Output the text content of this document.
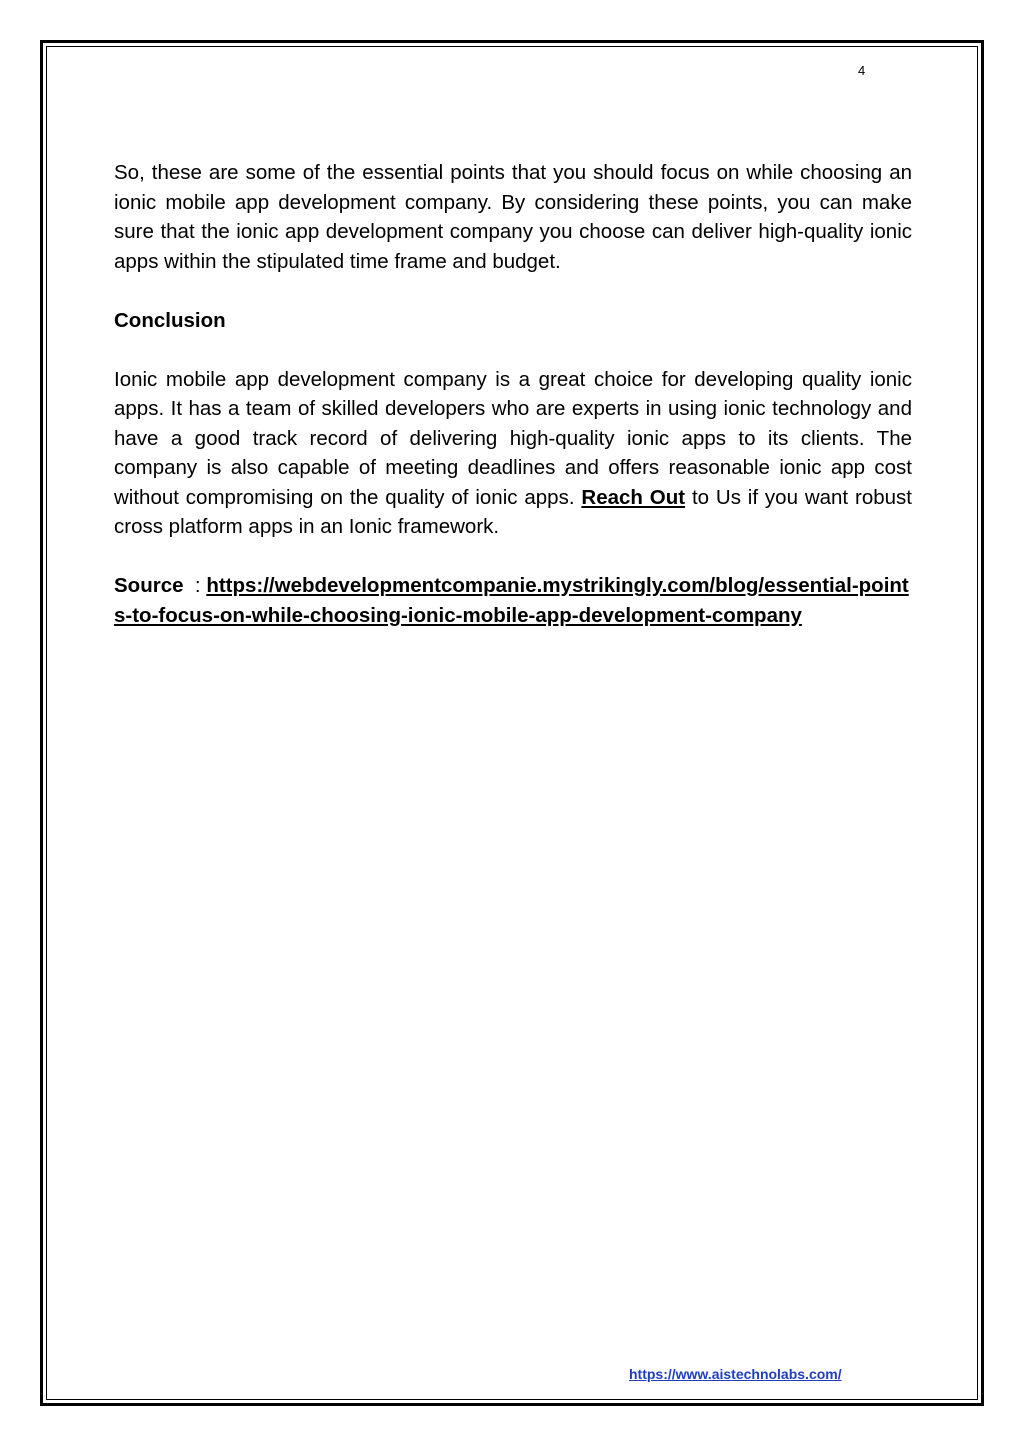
4

So, these are some of the essential points that you should focus on while choosing an ionic mobile app development company. By considering these points, you can make sure that the ionic app development company you choose can deliver high-quality ionic apps within the stipulated time frame and budget.

Conclusion

Ionic mobile app development company is a great choice for developing quality ionic apps. It has a team of skilled developers who are experts in using ionic technology and have a good track record of delivering high-quality ionic apps to its clients. The company is also capable of meeting deadlines and offers reasonable ionic app cost without compromising on the quality of ionic apps. Reach Out to Us if you want robust cross platform apps in an Ionic framework.

Source : https://webdevelopmentcompanie.mystrikingly.com/blog/essential-points-to-focus-on-while-choosing-ionic-mobile-app-development-company

https://www.aistechnolabs.com/
